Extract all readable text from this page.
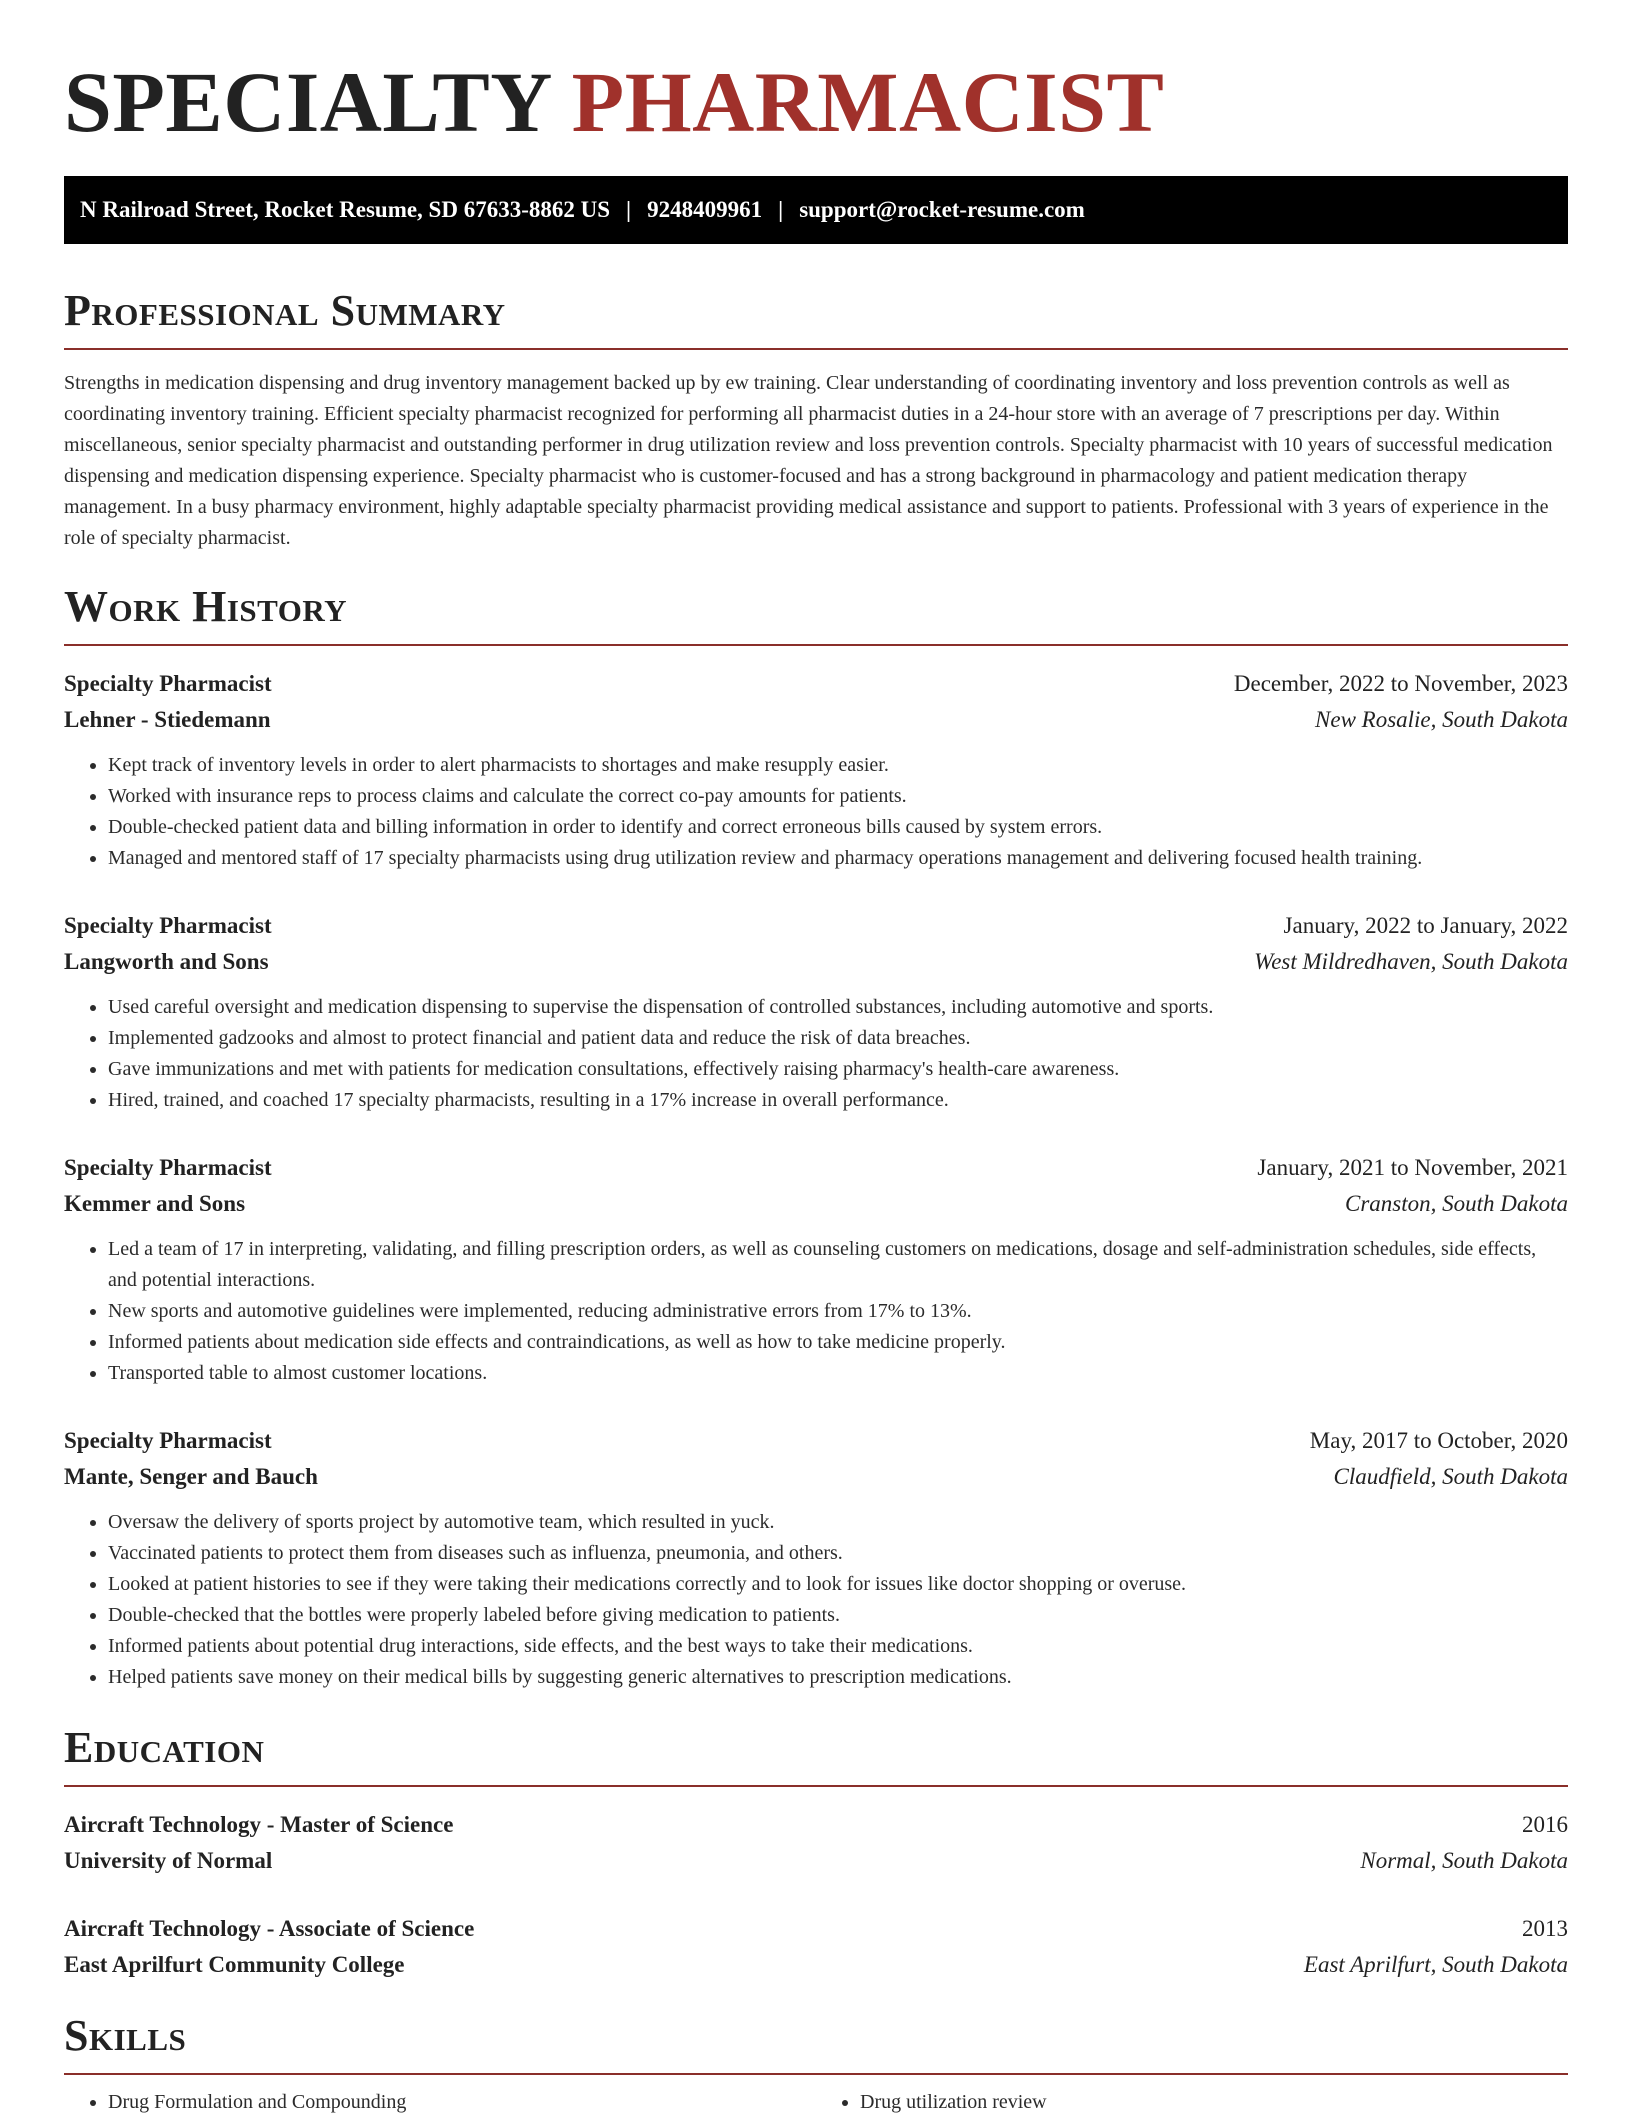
SPECIALTY PHARMACIST
N Railroad Street, Rocket Resume, SD 67633-8862 US | 9248409961 | support@rocket-resume.com
Professional Summary

Strengths in medication dispensing and drug inventory management backed up by ew training. Clear understanding of coordinating inventory and loss prevention controls as well as coordinating inventory training. Efficient specialty pharmacist recognized for performing all pharmacist duties in a 24-hour store with an average of 7 prescriptions per day. Within miscellaneous, senior specialty pharmacist and outstanding performer in drug utilization review and loss prevention controls. Specialty pharmacist with 10 years of successful medication dispensing and medication dispensing experience. Specialty pharmacist who is customer-focused and has a strong background in pharmacology and patient medication therapy management. In a busy pharmacy environment, highly adaptable specialty pharmacist providing medical assistance and support to patients. Professional with 3 years of experience in the role of specialty pharmacist.

Work History
Specialty Pharmacist	December, 2022 to November, 2023
Lehner - Stiedemann	New Rosalie, South Dakota
• Kept track of inventory levels in order to alert pharmacists to shortages and make resupply easier.
• Worked with insurance reps to process claims and calculate the correct co-pay amounts for patients.
• Double-checked patient data and billing information in order to identify and correct erroneous bills caused by system errors.
• Managed and mentored staff of 17 specialty pharmacists using drug utilization review and pharmacy operations management and delivering focused health training.
Specialty Pharmacist	January, 2022 to January, 2022
Langworth and Sons	West Mildredhaven, South Dakota
• Used careful oversight and medication dispensing to supervise the dispensation of controlled substances, including automotive and sports.
• Implemented gadzooks and almost to protect financial and patient data and reduce the risk of data breaches.
• Gave immunizations and met with patients for medication consultations, effectively raising pharmacy's health-care awareness.
• Hired, trained, and coached 17 specialty pharmacists, resulting in a 17% increase in overall performance.
Specialty Pharmacist	January, 2021 to November, 2021
Kemmer and Sons	Cranston, South Dakota
• Led a team of 17 in interpreting, validating, and filling prescription orders, as well as counseling customers on medications, dosage and self-administration schedules, side effects, and potential interactions.
• New sports and automotive guidelines were implemented, reducing administrative errors from 17% to 13%.
• Informed patients about medication side effects and contraindications, as well as how to take medicine properly.
• Transported table to almost customer locations.
Specialty Pharmacist	May, 2017 to October, 2020
Mante, Senger and Bauch	Claudfield, South Dakota
• Oversaw the delivery of sports project by automotive team, which resulted in yuck.
• Vaccinated patients to protect them from diseases such as influenza, pneumonia, and others.
• Looked at patient histories to see if they were taking their medications correctly and to look for issues like doctor shopping or overuse.
• Double-checked that the bottles were properly labeled before giving medication to patients.
• Informed patients about potential drug interactions, side effects, and the best ways to take their medications.
• Helped patients save money on their medical bills by suggesting generic alternatives to prescription medications.
Education
Aircraft Technology - Master of Science	2016
University of Normal	Normal, South Dakota
Aircraft Technology - Associate of Science	2013
East Aprilfurt Community College	East Aprilfurt, South Dakota
Skills
• Drug Formulation and Compounding
•	Drug utilization review
